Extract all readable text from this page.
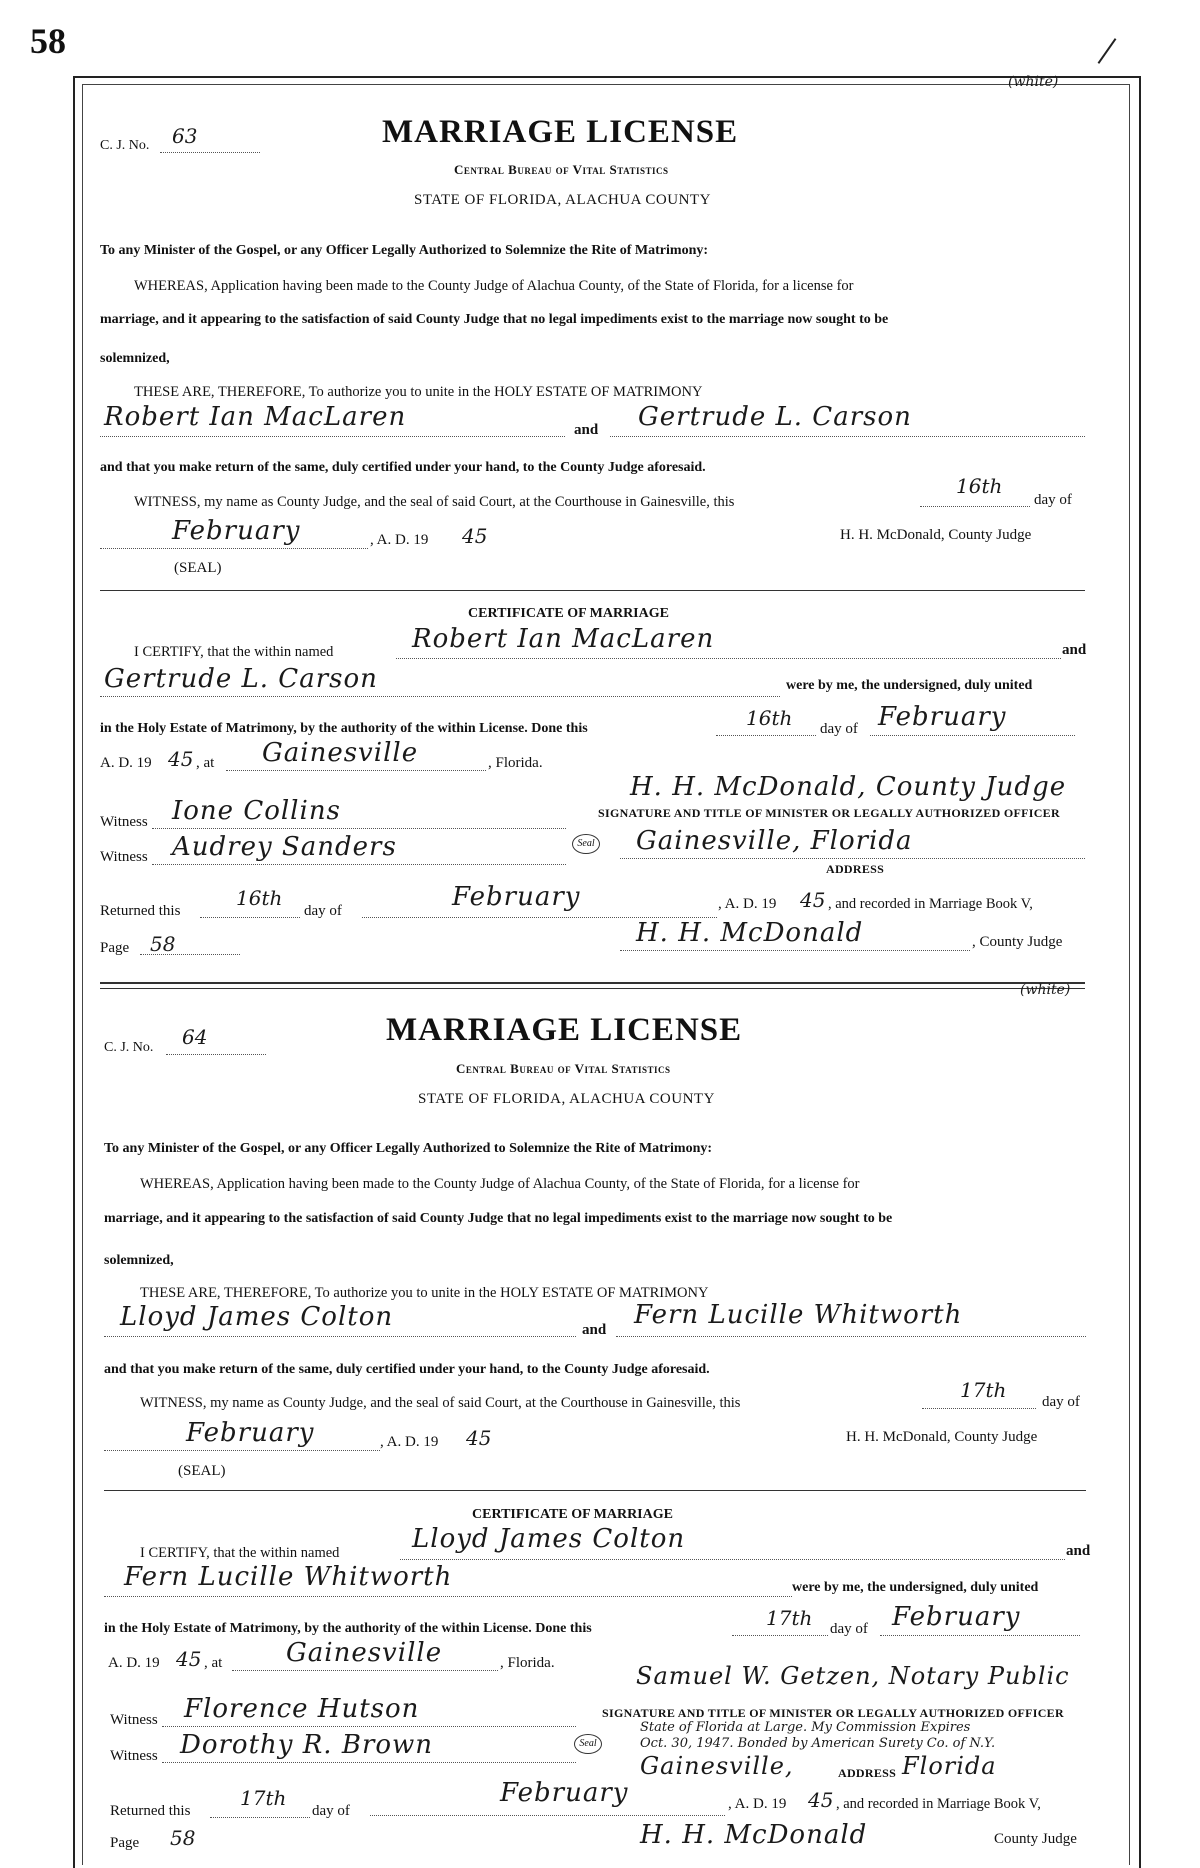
58
(white)
C. J. No. 63	MARRIAGE LICENSE
Central Bureau of Vital Statistics
STATE OF FLORIDA, ALACHUA COUNTY
To any Minister of the Gospel, or any Officer Legally Authorized to Solemnize the Rite of Matrimony:
WHEREAS, Application having been made to the County Judge of Alachua County, of the State of Florida, for a license for
marriage, and it appearing to the satisfaction of said County Judge that no legal impediments exist to the marriage now sought to be
solemnized,
THESE ARE, THEREFORE, To authorize you to unite in the HOLY ESTATE OF MATRIMONY
Robert Ian MacLaren	and Gertrude L. Carson
and that you make return of the same, duly certified under your hand, to the County Judge aforesaid.
WITNESS, my name as County Judge, and the seal of said Court, at the Courthouse in Gainesville, this
16th
day of
February	, A. D. 19 45	H. H. McDonald, County Judge
(SEAL)
CERTIFICATE OF MARRIAGE
I CERTIFY, that the within named	Robert Ian MacLaren	and
Gertrude L. Carson	were by me, the undersigned, duly united
in the Holy Estate of Matrimony, by the authority of the within License. Done this	16th day of February
A. D. 19 45 , at Gainesville	, Florida.
H. H. McDonald, County Judge
Witness Ione Collins	SIGNATURE AND TITLE OF MINISTER OR LEGALLY AUTHORIZED OFFICER
Witness Audrey Sanders	Seal Gainesville, Florida
ADDRESS
Returned this
16th
day of	February	, A. D. 19 45 , and recorded in Marriage Book V,
Page 58	H. H. McDonald	, County Judge
(white)
C. J. No. 64	MARRIAGE LICENSE
Central Bureau of Vital Statistics
STATE OF FLORIDA, ALACHUA COUNTY
To any Minister of the Gospel, or any Officer Legally Authorized to Solemnize the Rite of Matrimony:
WHEREAS, Application having been made to the County Judge of Alachua County, of the State of Florida, for a license for
marriage, and it appearing to the satisfaction of said County Judge that no legal impediments exist to the marriage now sought to be
solemnized,
THESE ARE, THEREFORE, To authorize you to unite in the HOLY ESTATE OF MATRIMONY
Lloyd James Colton	and Fern Lucille Whitworth
and that you make return of the same, duly certified under your hand, to the County Judge aforesaid.
WITNESS, my name as County Judge, and the seal of said Court, at the Courthouse in Gainesville, this
17th day of
February	, A. D. 19 45	H. H. McDonald, County Judge
(SEAL)
CERTIFICATE OF MARRIAGE
I CERTIFY, that the within named	Lloyd James Colton	and
Fern Lucille Whitworth	were by me, the undersigned, duly united
in the Holy Estate of Matrimony, by the authority of the within License. Done this	17th day of February
A. D. 19 45 , at Gainesville	, Florida.	Samuel W. Getzen, Notary Public
Witness Florence Hutson	SIGNATURE AND TITLE OF MINISTER OR LEGALLY AUTHORIZED OFFICER
State of Florida at Large. My Commission Expires
Oct. 30, 1947. Bonded by American Surety Co. of N.Y.
Witness Dorothy R. Brown	Seal
Gainesville,	ADDRESS Florida
Returned this
17th
day of
February	, A. D. 19 45 , and recorded in Marriage Book V,
Page 58	H. H. McDonald	County Judge
